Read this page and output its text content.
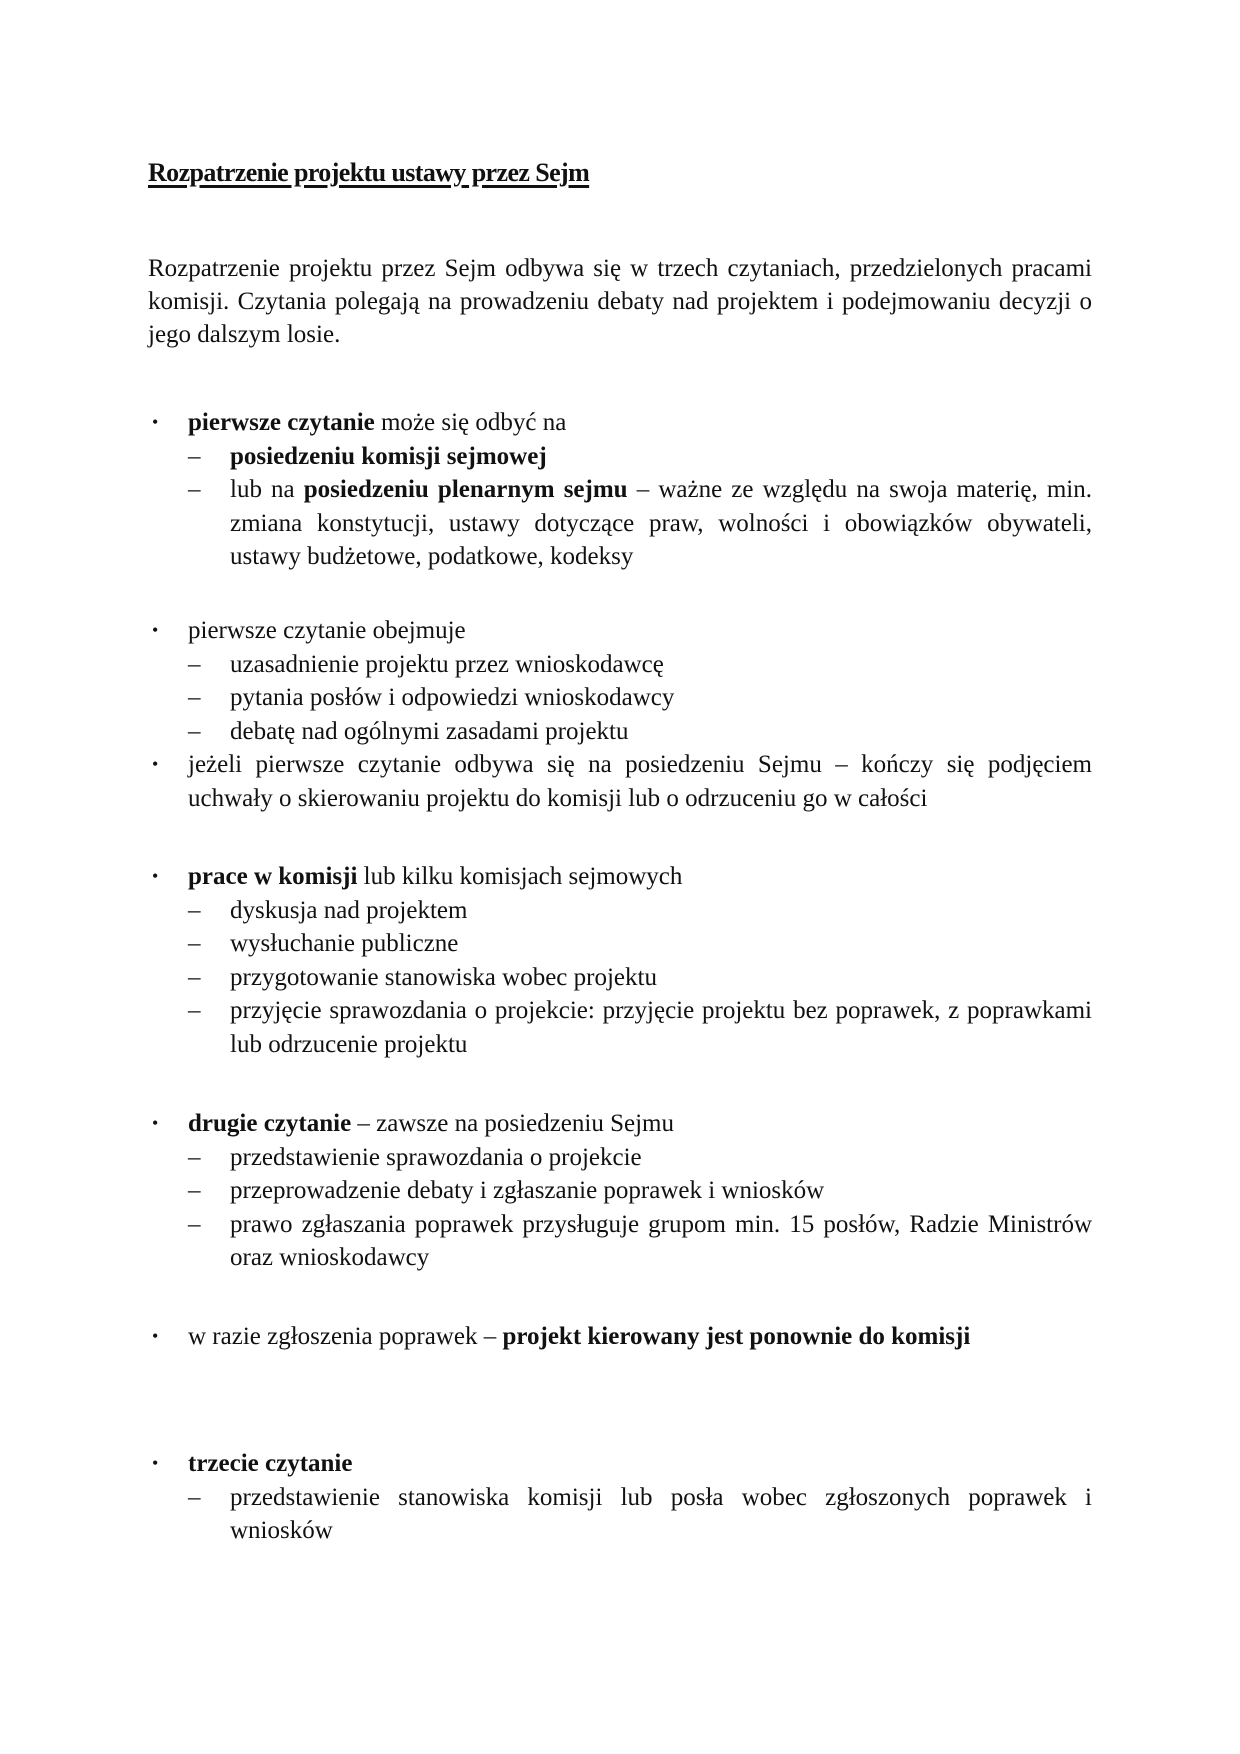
Rozpatrzenie projektu ustawy przez Sejm

Rozpatrzenie projektu przez Sejm odbywa się w trzech czytaniach, przedzielonych pracami komisji. Czytania polegają na prowadzeniu debaty nad projektem i podejmowaniu decyzji o jego dalszym losie.

• pierwsze czytanie może się odbyć na
– posiedzeniu komisji sejmowej
– lub na posiedzeniu plenarnym sejmu – ważne ze względu na swoja materię, min. zmiana konstytucji, ustawy dotyczące praw, wolności i obowiązków obywateli, ustawy budżetowe, podatkowe, kodeksy
• pierwsze czytanie obejmuje
– uzasadnienie projektu przez wnioskodawcę
– pytania posłów i odpowiedzi wnioskodawcy
– debatę nad ogólnymi zasadami projektu
• jeżeli pierwsze czytanie odbywa się na posiedzeniu Sejmu – kończy się podjęciem uchwały o skierowaniu projektu do komisji lub o odrzuceniu go w całości
• prace w komisji lub kilku komisjach sejmowych
– dyskusja nad projektem
– wysłuchanie publiczne
– przygotowanie stanowiska wobec projektu
– przyjęcie sprawozdania o projekcie: przyjęcie projektu bez poprawek, z poprawkami lub odrzucenie projektu
• drugie czytanie – zawsze na posiedzeniu Sejmu
– przedstawienie sprawozdania o projekcie
– przeprowadzenie debaty i zgłaszanie poprawek i wniosków
– prawo zgłaszania poprawek przysługuje grupom min. 15 posłów, Radzie Ministrów oraz wnioskodawcy
• w razie zgłoszenia poprawek – projekt kierowany jest ponownie do komisji
• trzecie czytanie
– przedstawienie stanowiska komisji lub posła wobec zgłoszonych poprawek i wniosków
